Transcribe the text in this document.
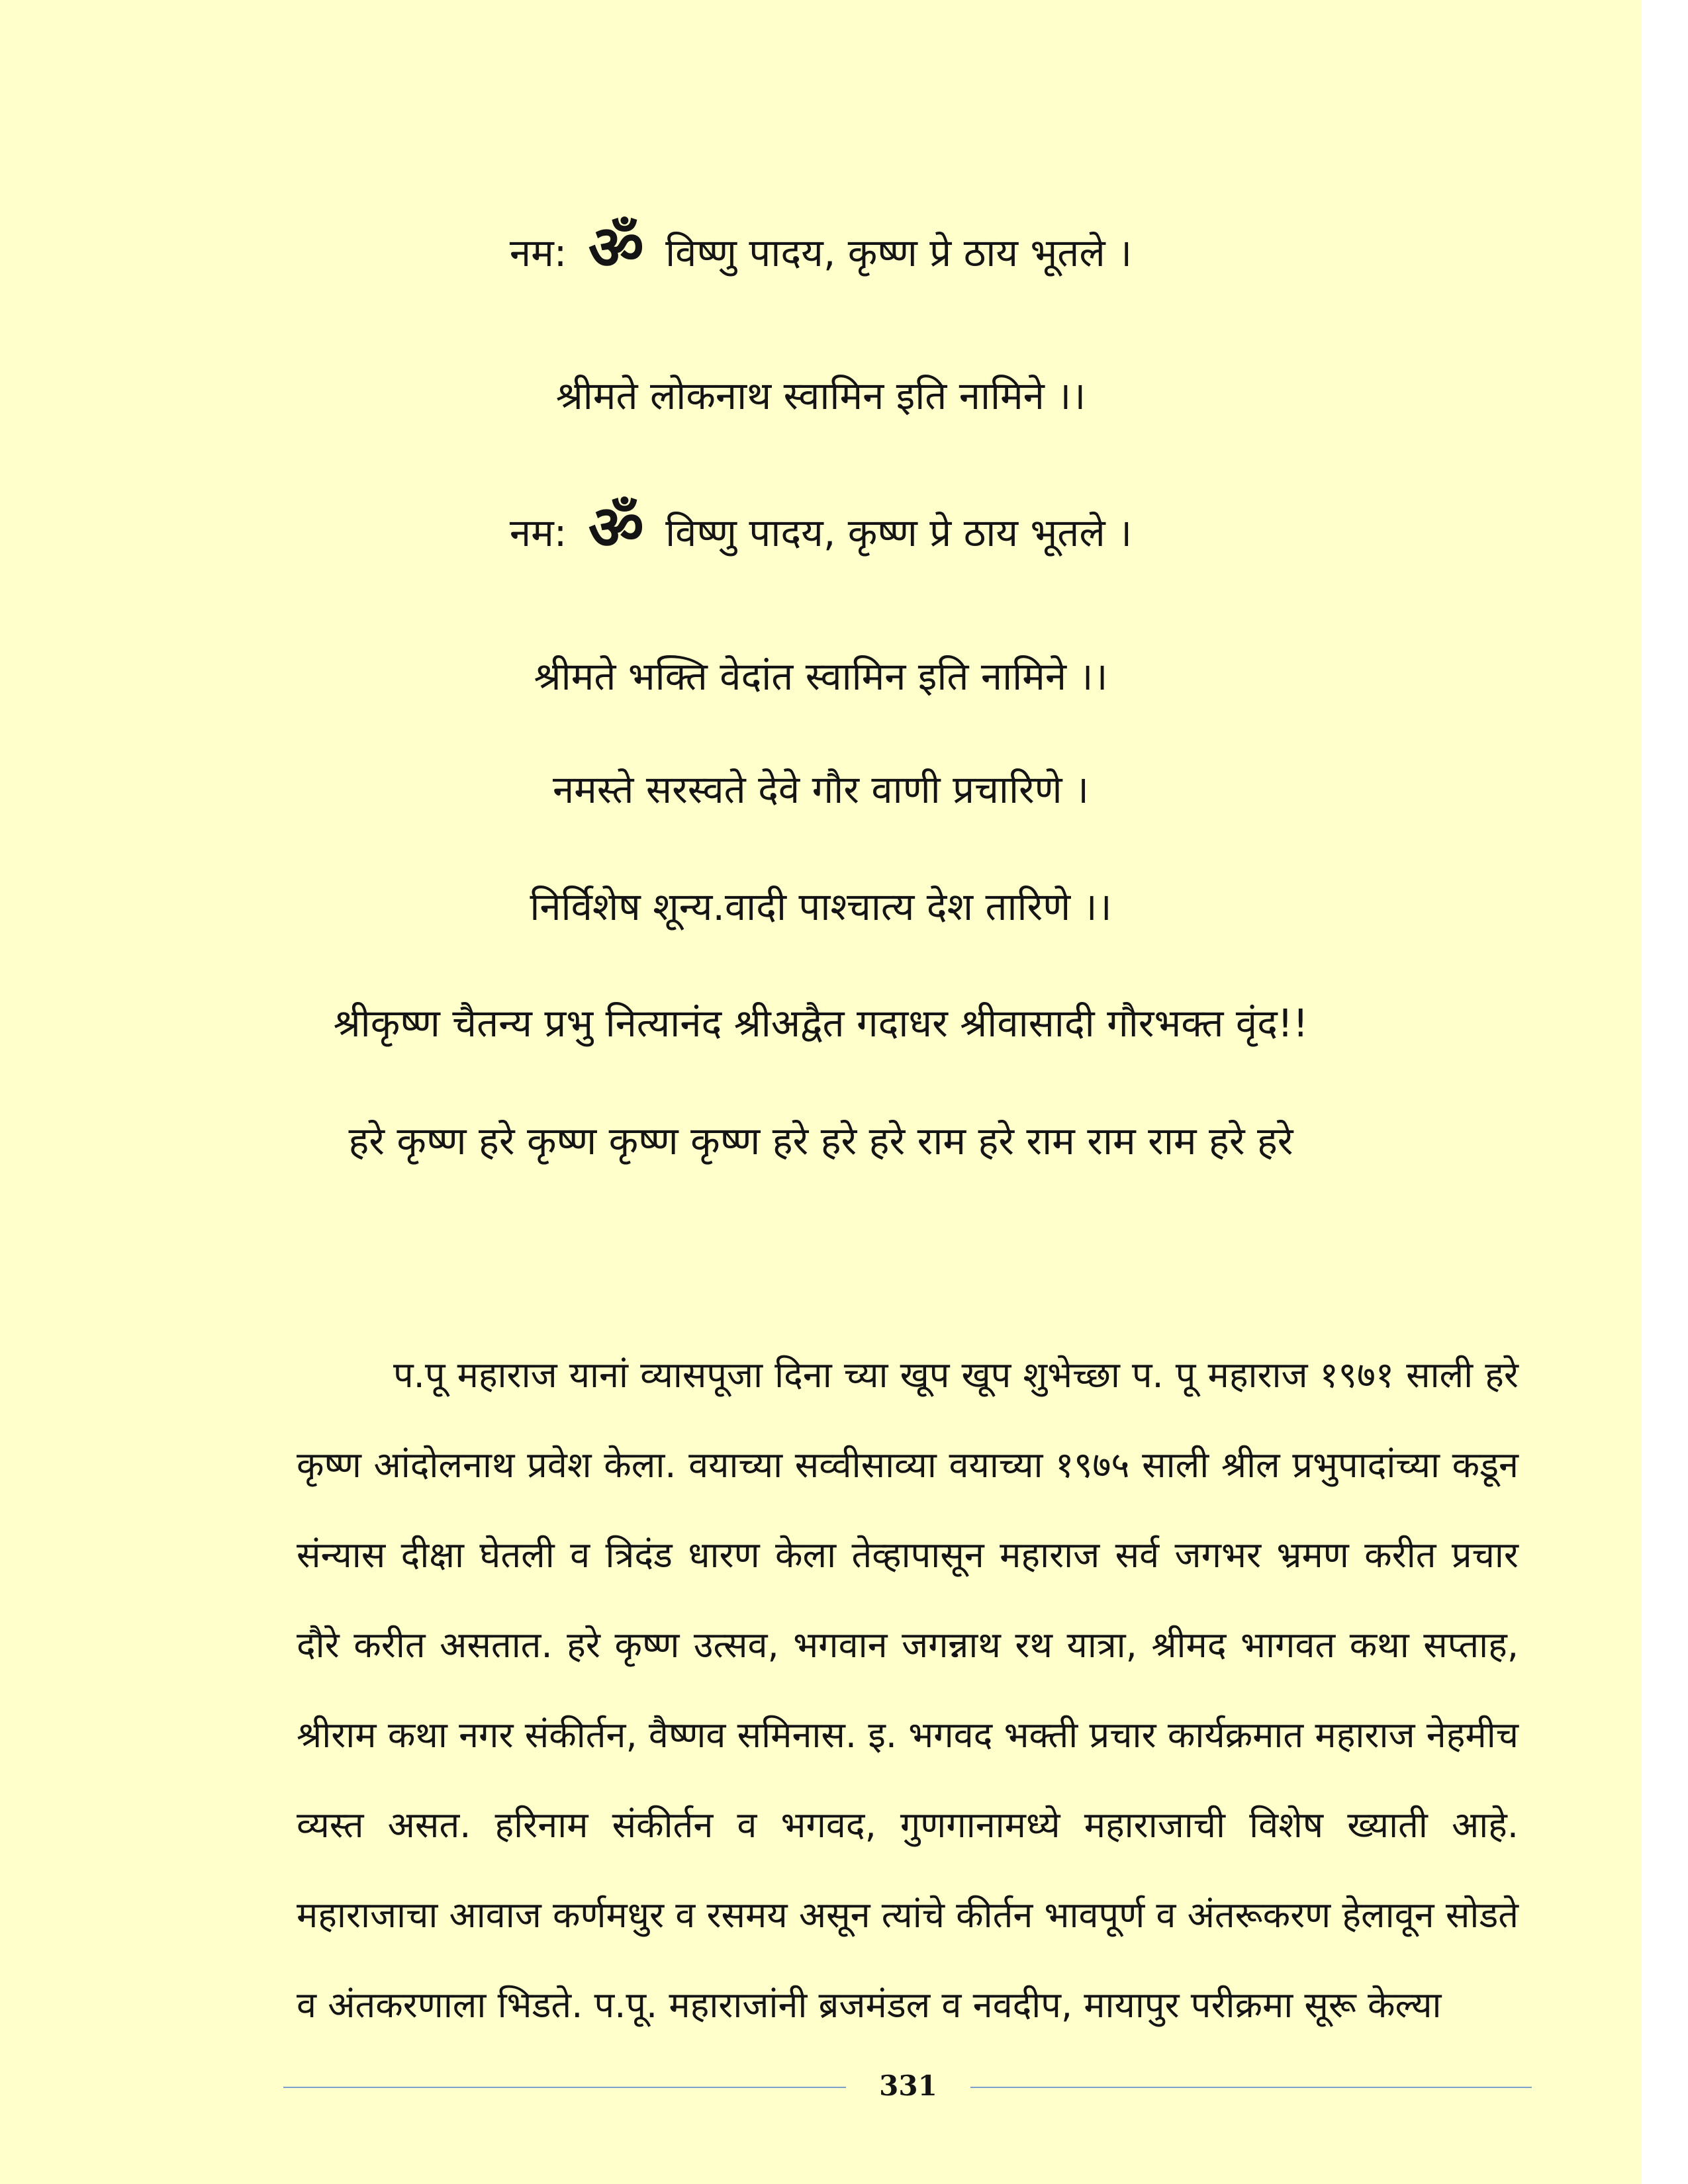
नम: ॐ विष्णु पादय, कृष्ण प्रे ठाय भूतले ।
श्रीमते लोकनाथ स्वामिन इति नामिने ।।
नम: ॐ विष्णु पादय, कृष्ण प्रे ठाय भूतले ।
श्रीमते भक्ति वेदांत स्वामिन इति नामिने ।।
नमस्ते सरस्वते देवे गौर वाणी प्रचारिणे ।
निर्विशेष शून्य.वादी पाश्चात्य देश तारिणे ।।
श्रीकृष्ण चैतन्य प्रभु नित्यानंद श्रीअद्वैत गदाधर श्रीवासादी गौरभक्त वृंद!!
हरे कृष्ण हरे कृष्ण कृष्ण कृष्ण हरे हरे हरे राम हरे राम राम राम हरे हरे

प.पू महाराज यानां व्यासपूजा दिना च्या खूप खूप शुभेच्छा प. पू महाराज १९७१ साली हरे कृष्ण आंदोलनाथ प्रवेश केला. वयाच्या सव्वीसाव्या वयाच्या १९७५ साली श्रील प्रभुपादांच्या कडून संन्यास दीक्षा घेतली व त्रिदंड धारण केला तेव्हापासून महाराज सर्व जगभर भ्रमण करीत प्रचार दौरे करीत असतात. हरे कृष्ण उत्सव, भगवान जगन्नाथ रथ यात्रा, श्रीमद भागवत कथा सप्ताह, श्रीराम कथा नगर संकीर्तन, वैष्णव समिनास. इ. भगवद भक्ती प्रचार कार्यक्रमात महाराज नेहमीच व्यस्त असत. हरिनाम संकीर्तन व भगवद, गुणगानामध्ये महाराजाची विशेष ख्याती आहे. महाराजाचा आवाज कर्णमधुर व रसमय असून त्यांचे कीर्तन भावपूर्ण व अंतरूकरण हेलावून सोडते व अंतकरणाला भिडते. प.पू. महाराजांनी ब्रजमंडल व नवदीप, मायापुर परीक्रमा सूरू केल्या

331
